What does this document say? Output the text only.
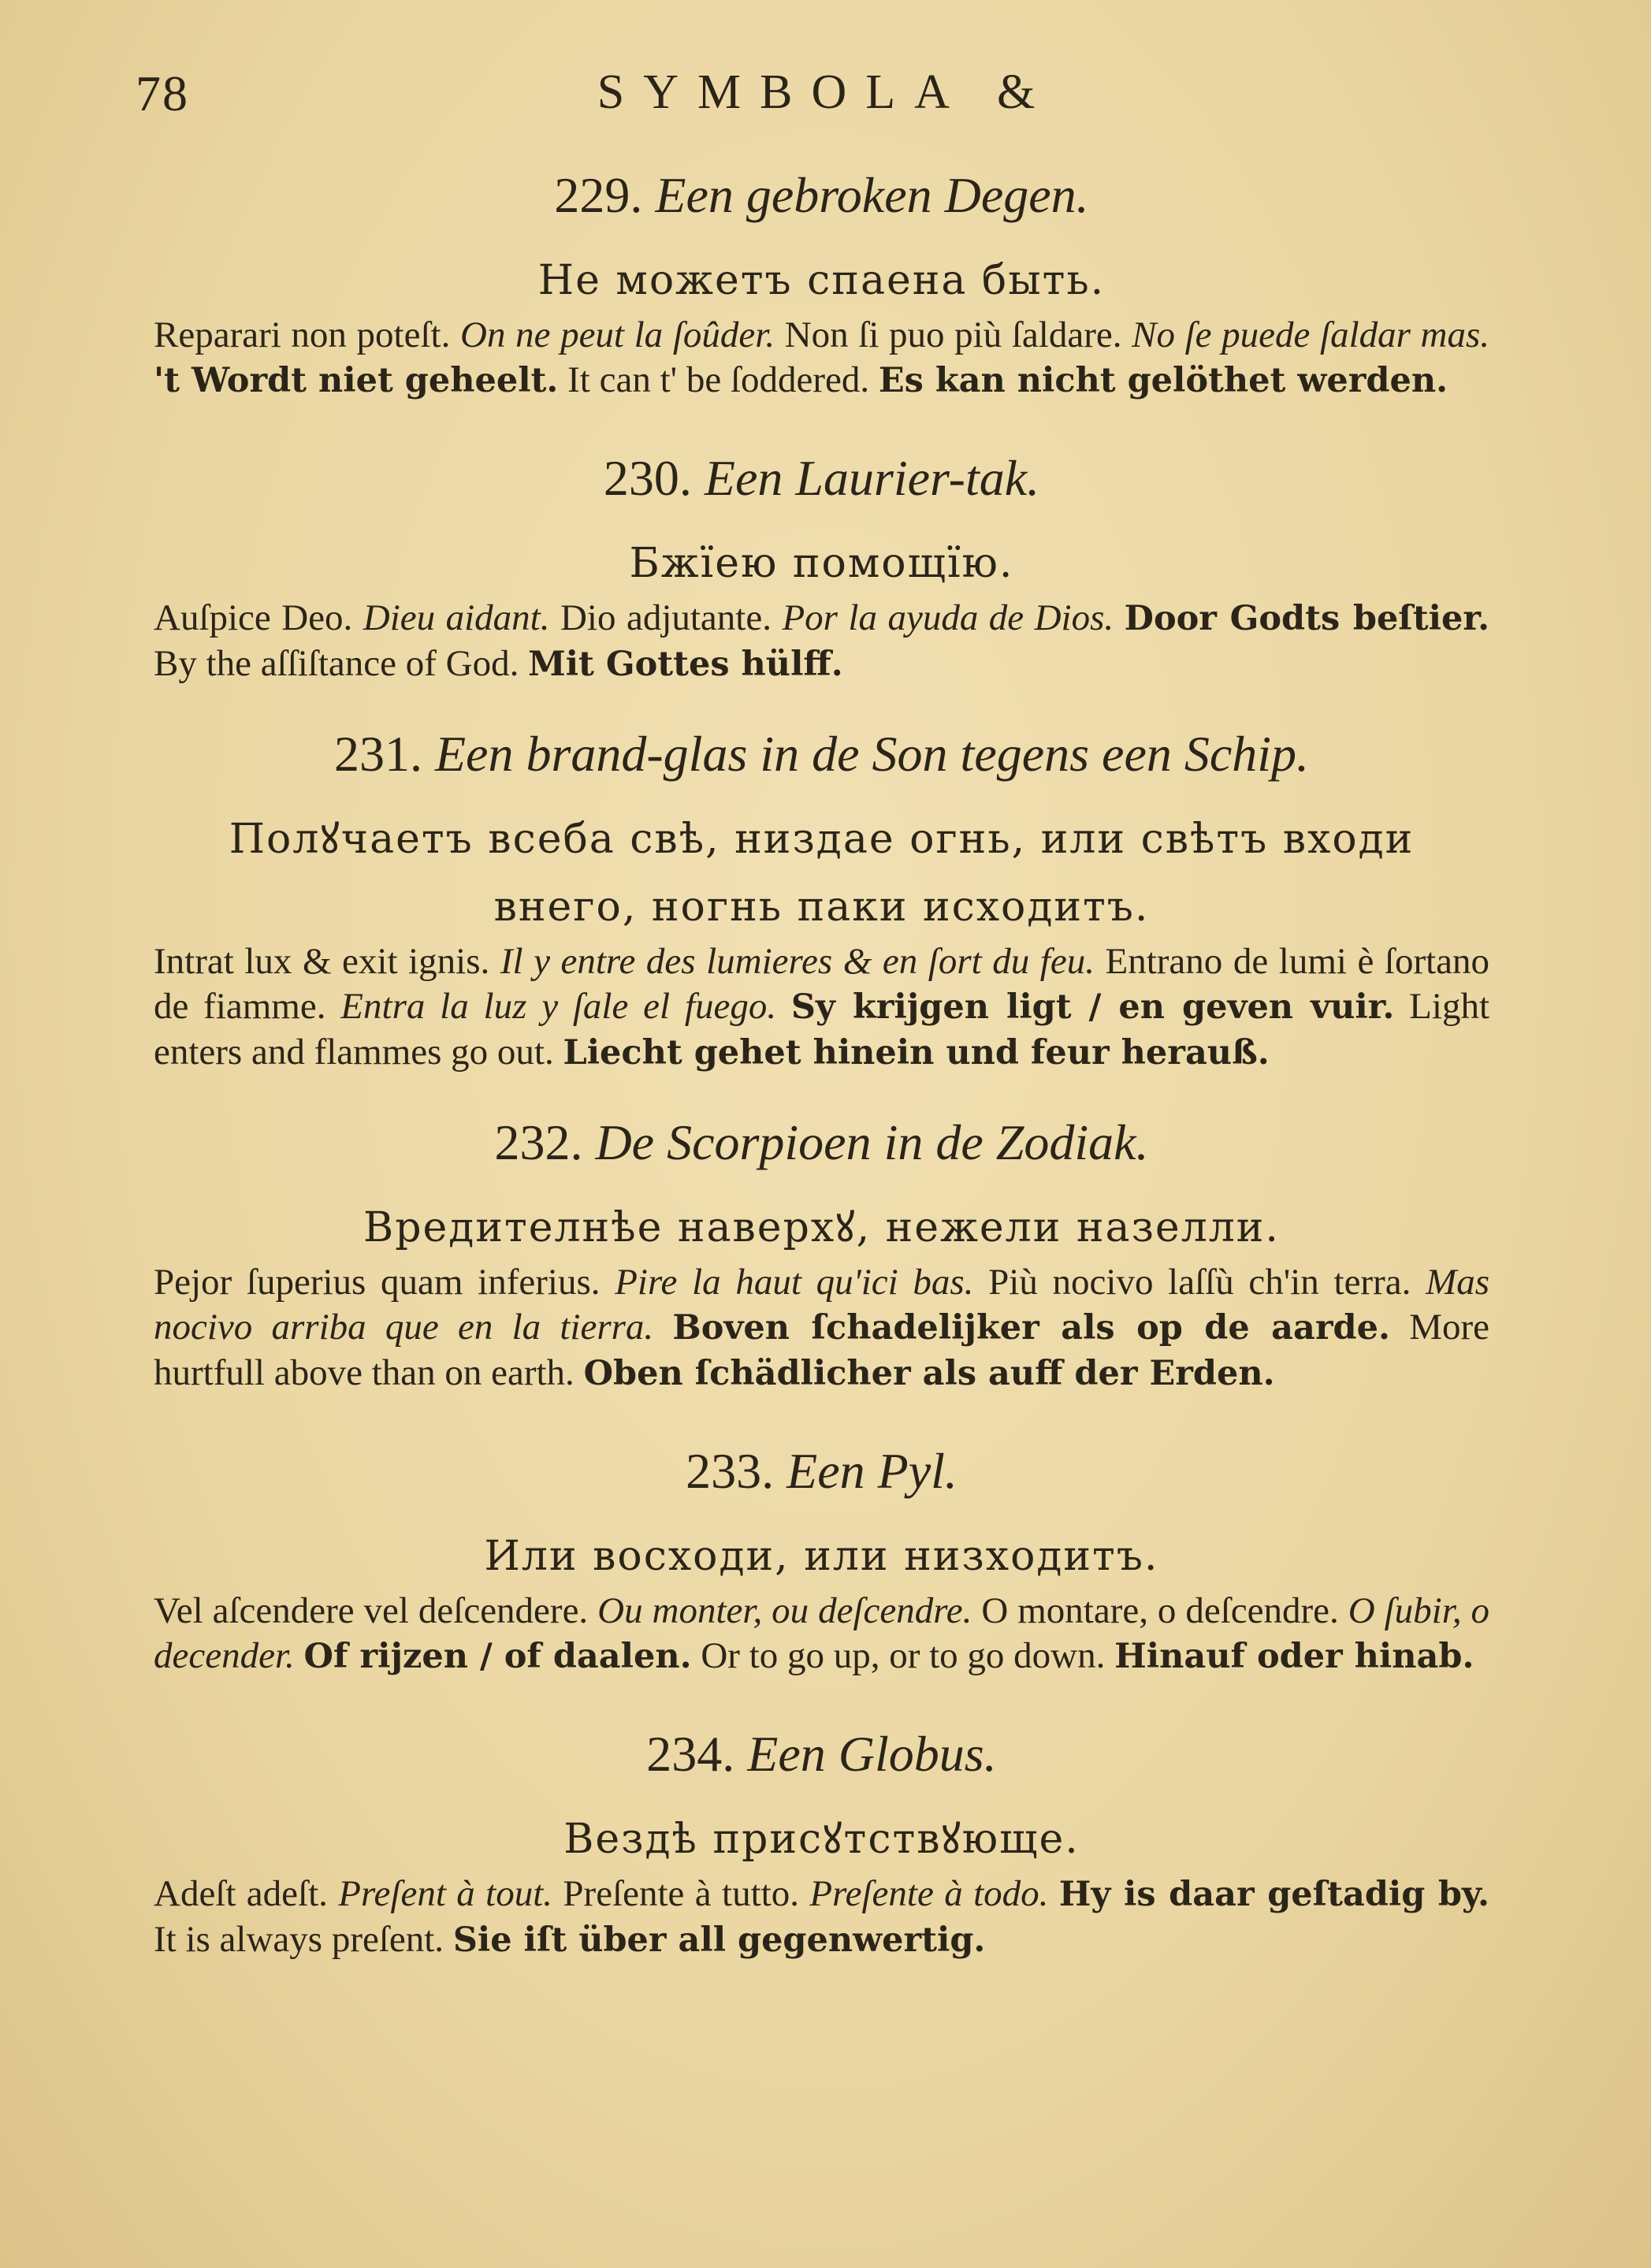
78	SYMBOLA &

229. Een gebroken Degen.

Не можетъ спаена быть.

Reparari non poteſt. On ne peut la ſoûder. Non ſi puo più ſaldare. No ſe puede ſaldar mas. 't Wordt niet geheelt. It can t' be ſoddered. Es kan nicht gelöthet werden.

230. Een Laurier-tak.

Бжїею помощїю.

Auſpice Deo. Dieu aidant. Dio adjutante. Por la ayuda de Dios. Door Godts beſtier. By the aſſiſtance of God. Mit Gottes hülff.

231. Een brand-glas in de Son tegens een Schip.

Полꙋчаетъ всеба свѣ, низдае огнь, или свѣтъ входи

внего, ногнь паки исходитъ.

Intrat lux & exit ignis. Il y entre des lumieres & en ſort du feu. Entrano de lumi è ſortano de fiamme. Entra la luz y ſale el fuego. Sy krijgen ligt / en geven vuir. Light enters and flammes go out. Liecht gehet hinein und feur herauß.

232. De Scorpioen in de Zodiak.

Вредителнѣе наверхꙋ, нежели назелли.

Pejor ſuperius quam inferius. Pire la haut qu'ici bas. Più nocivo laſſù ch'in terra. Mas nocivo arriba que en la tierra. Boven ſchadelijker als op de aarde. More hurtfull above than on earth. Oben ſchädlicher als auff der Erden.

233. Een Pyl.

Или восходи, или низходитъ.

Vel aſcendere vel deſcendere. Ou monter, ou deſcendre. O montare, o deſcendre. O ſubir, o decender. Of rijzen / of daalen. Or to go up, or to go down. Hinauf oder hinab.

234. Een Globus.

Вездѣ присꙋтствꙋюще.

Adeſt adeſt. Preſent à tout. Preſente à tutto. Preſente à todo. Hy is daar geſtadig by. It is always preſent. Sie iſt über all gegenwertig.
